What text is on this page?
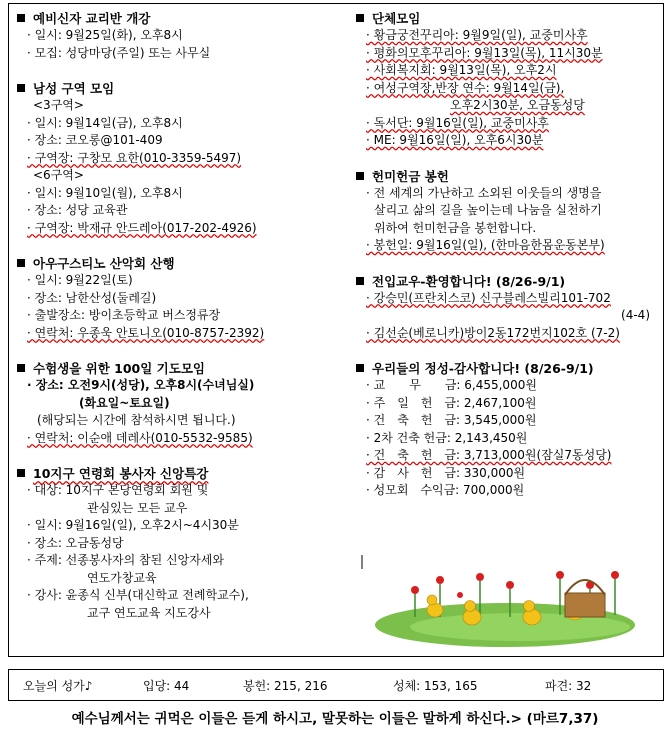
예비신자 교리반 개강
· 일시: 9월25일(화), 오후8시
· 모집: 성당마당(주일) 또는 사무실
남성 구역 모임
<3구역>
· 일시: 9월14일(금), 오후8시
· 장소: 코오롱@101-409
· 구역장: 구창모 요한(010-3359-5497)
<6구역>
· 일시: 9월10일(월), 오후8시
· 장소: 성당 교육관
· 구역장: 박재규 안드레아(017-202-4926)
아우구스티노 산악회 산행
· 일시: 9월22일(토)
· 장소: 남한산성(둘레길)
· 출발장소: 방이초등학교 버스정류장
· 연락처: 우종욱 안토니오(010-8757-2392)
수험생을 위한 100일 기도모임
· 장소: 오전9시(성당), 오후8시(수녀님실)
(화요일~토요일)
(해당되는 시간에 참석하시면 됩니다.)
· 연락처: 이순애 데레사(010-5532-9585)
10지구 연령회 봉사자 신앙특강
· 대상: 10지구 본당연령회 회원 및
관심있는 모든 교우
· 일시: 9월16일(일), 오후2시~4시30분
· 장소: 오금동성당
· 주제: 선종봉사자의 참된 신앙자세와
연도가창교육
· 강사: 윤종식 신부(대신학교 전례학교수),
교구 연도교육 지도강사
단체모임
· 황금궁전꾸리아: 9월9일(일), 교중미사후
· 평화의모후꾸리아: 9월13일(목), 11시30분
· 사회복지회: 9월13일(목), 오후2시
· 여성구역장,반장 연수: 9월14일(금),
오후2시30분, 오금동성당
· 독서단: 9월16일(일), 교중미사후
· ME: 9월16일(일), 오후6시30분
헌미헌금 봉헌
· 전 세계의 가난하고 소외된 이웃들의 생명을
살리고 삶의 길을 높이는데 나눔을 실천하기
위하여 헌미헌금을 봉헌합니다.
· 봉헌일: 9월16일(일), (한마음한몸운동본부)
전입교우-환영합니다! (8/26-9/1)
· 강승민(프란치스코) 신구블레스빌리101-702
(4-4)
· 김선순(베로니카)방이2동172번지102호 (7-2)
우리들의 정성-감사합니다! (8/26-9/1)
· 교　　무　　금: 6,455,000원
· 주　일　헌　금: 2,467,100원
· 건　축　헌　금: 3,545,000원
· 2차 건축 헌금: 2,143,450원
· 건　축　헌　금: 3,713,000원(잠실7동성당)
· 감　사　헌　금: 330,000원
· 성모회　수익금: 700,000원
오늘의 성가♪	입당: 44	봉헌: 215, 216	성체: 153, 165	파견: 32
예수님께서는 귀먹은 이들은 듣게 하시고, 말못하는 이들은 말하게 하신다.> (마르7,37)
